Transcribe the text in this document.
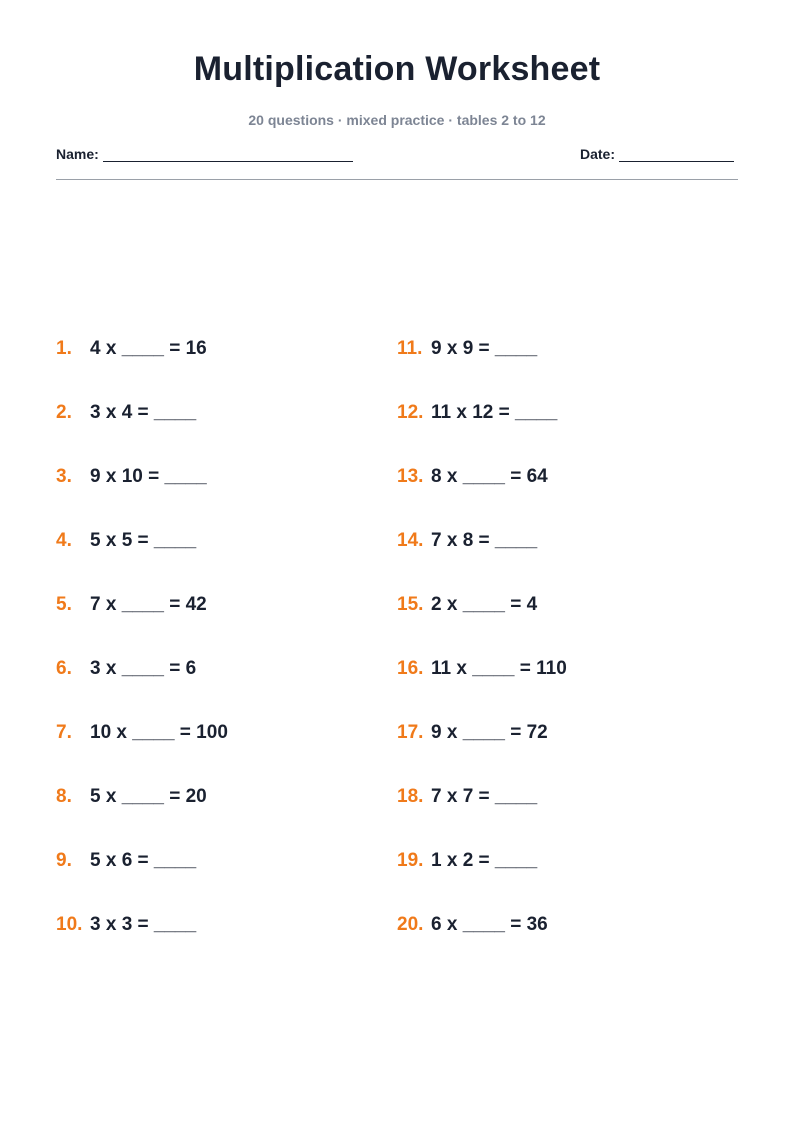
Multiplication Worksheet
20 questions · mixed practice · tables 2 to 12
Name:	Date:
1. 4 x ____ = 16
2. 3 x 4 = ____
3. 9 x 10 = ____
4. 5 x 5 = ____
5. 7 x ____ = 42
6. 3 x ____ = 6
7. 10 x ____ = 100
8. 5 x ____ = 20
9. 5 x 6 = ____
10. 3 x 3 = ____
11. 9 x 9 = ____
12. 11 x 12 = ____
13. 8 x ____ = 64
14. 7 x 8 = ____
15. 2 x ____ = 4
16. 11 x ____ = 110
17. 9 x ____ = 72
18. 7 x 7 = ____
19. 1 x 2 = ____
20. 6 x ____ = 36
